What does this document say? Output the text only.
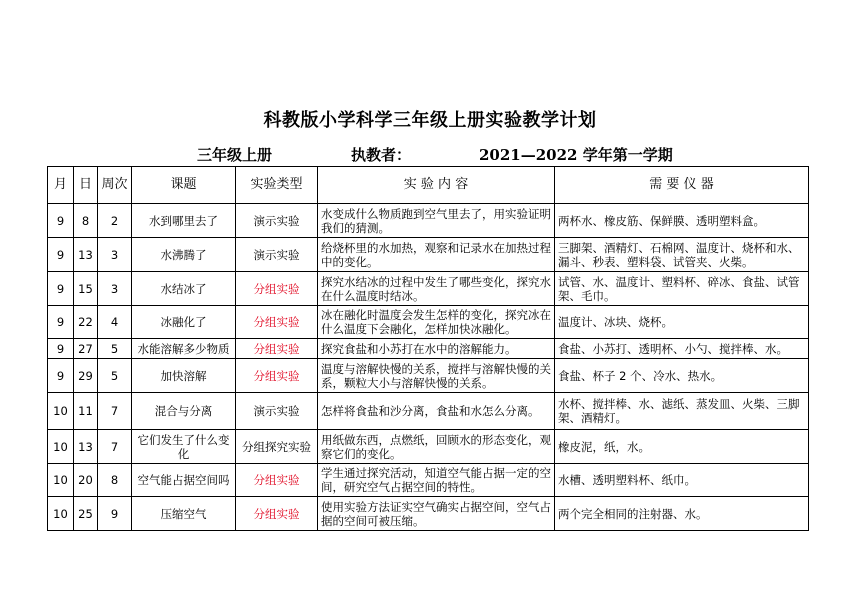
科教版小学科学三年级上册实验教学计划
三年级上册	执教者：	2021—2022 学年第一学期
月	日	周次	课题	实验类型	实 验 内 容	需 要 仪 器
9	8	2	水到哪里去了	演示实验	水变成什么物质跑到空气里去了，用实验证明我们的猜测。	两杯水、橡皮筋、保鲜膜、透明塑料盒。
9	13	3	水沸腾了	演示实验	给烧杯里的水加热，观察和记录水在加热过程中的变化。	三脚架、酒精灯、石棉网、温度计、烧杯和水、漏斗、秒表、塑料袋、试管夹、火柴。
9	15	3	水结冰了	分组实验	探究水结冰的过程中发生了哪些变化，探究水在什么温度时结冰。	试管、水、温度计、塑料杯、碎冰、食盐、试管架、毛巾。
9	22	4	冰融化了	分组实验	冰在融化时温度会发生怎样的变化，探究冰在什么温度下会融化，怎样加快冰融化。	温度计、冰块、烧杯。
9	27	5	水能溶解多少物质	分组实验	探究食盐和小苏打在水中的溶解能力。	食盐、小苏打、透明杯、小勺、搅拌棒、水。
9	29	5	加快溶解	分组实验	温度与溶解快慢的关系，搅拌与溶解快慢的关系，颗粒大小与溶解快慢的关系。	食盐、杯子 2 个、冷水、热水。
10	11	7	混合与分离	演示实验	怎样将食盐和沙分离，食盐和水怎么分离。	水杯、搅拌棒、水、滤纸、蒸发皿、火柴、三脚架、酒精灯。
10	13	7	它们发生了什么变化	分组探究实验	用纸做东西，点燃纸，回顾水的形态变化，观察它们的变化。	橡皮泥，纸，水。
10	20	8	空气能占据空间吗	分组实验	学生通过探究活动，知道空气能占据一定的空间，研究空气占据空间的特性。	水槽、透明塑料杯、纸巾。
10	25	9	压缩空气	分组实验	使用实验方法证实空气确实占据空间，空气占据的空间可被压缩。	两个完全相同的注射器、水。
